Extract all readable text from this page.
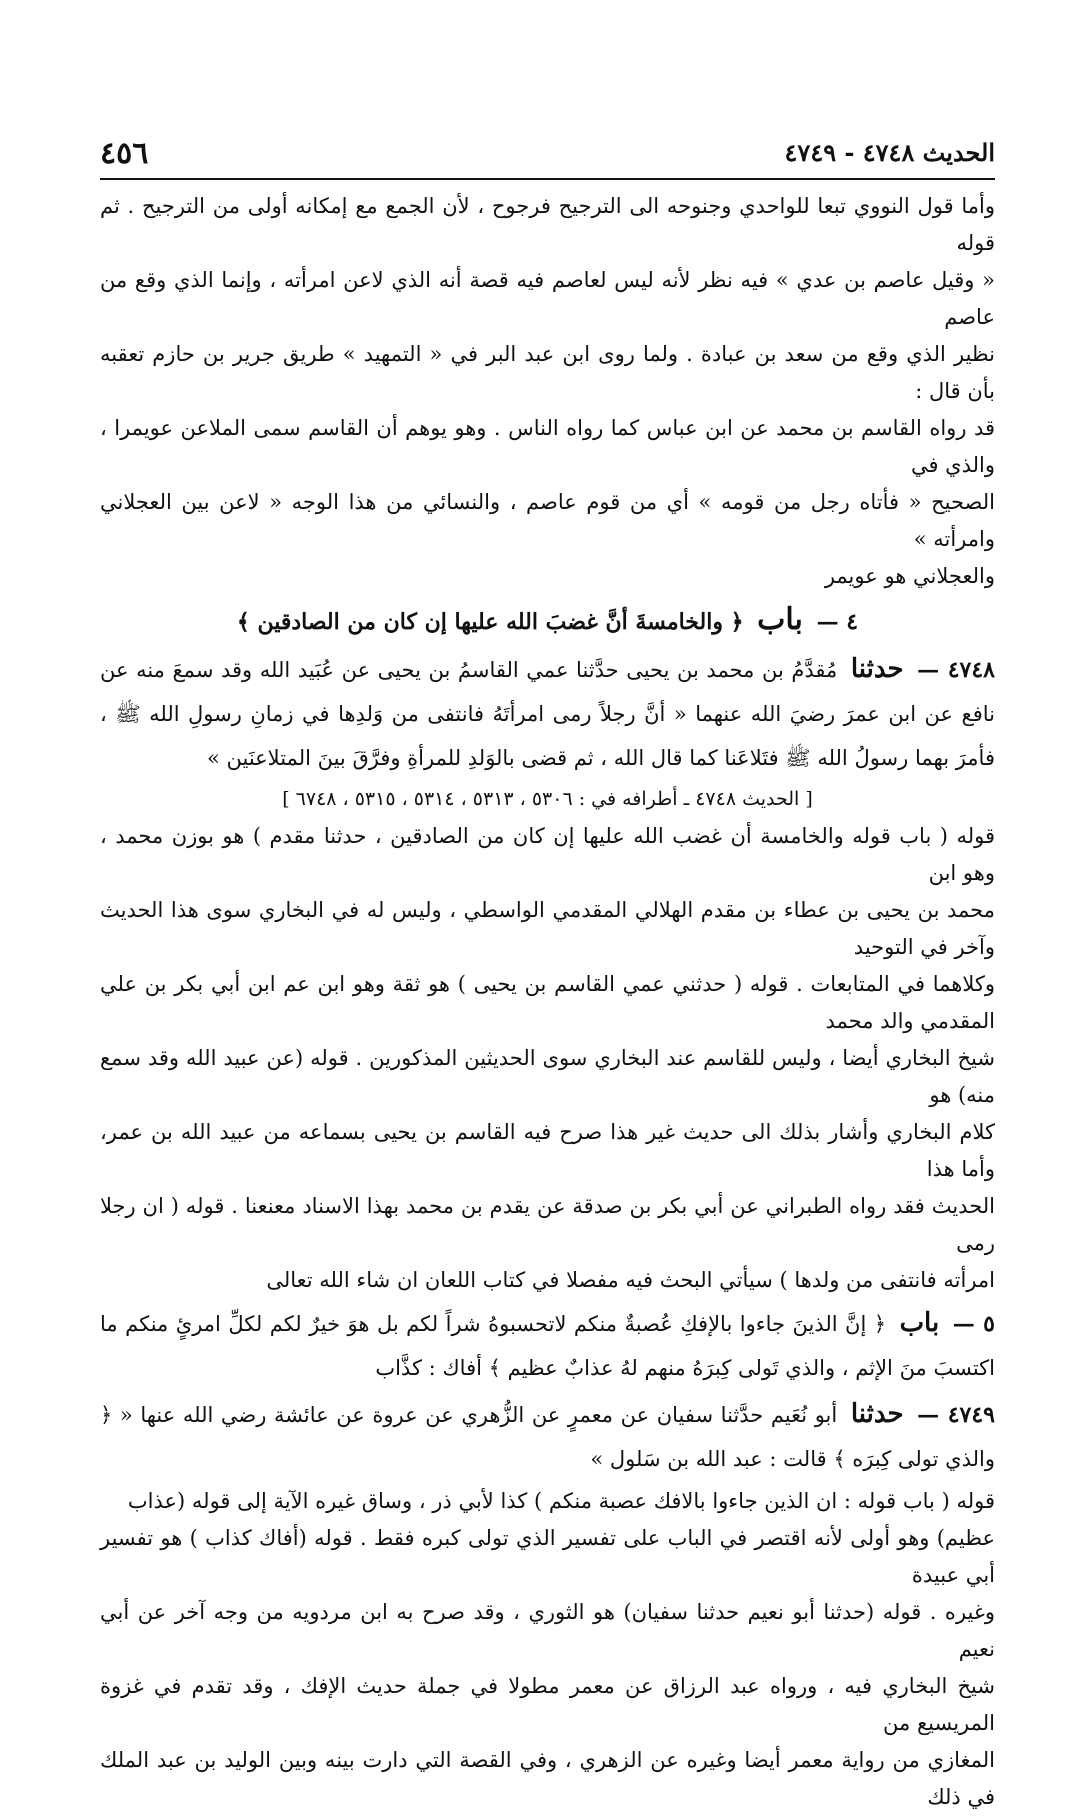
الحديث ٤٧٤٨ - ٤٧٤٩
٤٥٦

وأما قول النووي تبعا للواحدي وجنوحه الى الترجيح فرجوح ، لأن الجمع مع إمكانه أولى من الترجيح . ثم قوله

« وقيل عاصم بن عدي » فيه نظر لأنه ليس لعاصم فيه قصة أنه الذي لاعن امرأته ، وإنما الذي وقع من عاصم

نظير الذي وقع من سعد بن عبادة . ولما روى ابن عبد البر في « التمهيد » طريق جرير بن حازم تعقبه بأن قال :

قد رواه القاسم بن محمد عن ابن عباس كما رواه الناس . وهو يوهم أن القاسم سمى الملاعن عويمرا ، والذي في

الصحيح « فأتاه رجل من قومه » أي من قوم عاصم ، والنسائي من هذا الوجه « لاعن بين العجلاني وامرأته »

والعجلاني هو عويمر

٤ — باب ﴿ والخامسةَ أنَّ غضبَ الله عليها إن كان من الصادقين ﴾
٤٧٤٨ — حدثنا مُقدَّمُ بن محمد بن يحيى حدَّثنا عمي القاسمُ بن يحيى عن عُبَيد الله وقد سمعَ منه عن نافع عن ابن عمرَ رضيَ الله عنهما « أنَّ رجلاً رمى امرأتَهُ فانتفى من وَلدِها في زمانِ رسولِ الله ﷺ ، فأمرَ بهما رسولُ الله ﷺ فتَلاعَنا كما قال الله ، ثم قضى بالوَلدِ للمرأةِ وفرَّقَ بينَ المتلاعنَين »
[ الحديث ٤٧٤٨ ـ أطرافه في : ٥٣٠٦ ، ٥٣١٣ ، ٥٣١٤ ، ٥٣١٥ ، ٦٧٤٨ ]

قوله ( باب قوله والخامسة أن غضب الله عليها إن كان من الصادقين ، حدثنا مقدم ) هو بوزن محمد ، وهو ابن

محمد بن يحيى بن عطاء بن مقدم الهلالي المقدمي الواسطي ، وليس له في البخاري سوى هذا الحديث وآخر في التوحيد

وكلاهما في المتابعات . قوله ( حدثني عمي القاسم بن يحيى ) هو ثقة وهو ابن عم ابن أبي بكر بن علي المقدمي والد محمد

شيخ البخاري أيضا ، وليس للقاسم عند البخاري سوى الحديثين المذكورين . قوله (عن عبيد الله وقد سمع منه) هو

كلام البخاري وأشار بذلك الى حديث غير هذا صرح فيه القاسم بن يحيى بسماعه من عبيد الله بن عمر، وأما هذا

الحديث فقد رواه الطبراني عن أبي بكر بن صدقة عن يقدم بن محمد بهذا الاسناد معنعنا . قوله ( ان رجلا رمى

امرأته فانتفى من ولدها ) سيأتي البحث فيه مفصلا في كتاب اللعان ان شاء الله تعالى

٥ — باب ﴿ إنَّ الذينَ جاءوا بالإفكِ عُصبةٌ منكم لاتحسبوهُ شراً لكم بل هوَ خيرٌ لكم لكلِّ امرئٍ منكم ما اكتسبَ منَ الإثم ، والذي تَولى كِبرَهُ منهم لهُ عذابٌ عظيم ﴾ أفاك : كذَّاب
٤٧٤٩ — حدثنا أبو نُعَيم حدَّثنا سفيان عن معمرٍ عن الزُّهري عن عروة عن عائشة رضي الله عنها « ﴿ والذي تولى كِبرَه ﴾ قالت : عبد الله بن سَلول »

قوله ( باب قوله : ان الذين جاءوا بالافك عصبة منكم ) كذا لأبي ذر ، وساق غيره الآية إلى قوله (عذاب

عظيم) وهو أولى لأنه اقتصر في الباب على تفسير الذي تولى كبره فقط . قوله (أفاك كذاب ) هو تفسير أبي عبيدة

وغيره . قوله (حدثنا أبو نعيم حدثنا سفيان) هو الثوري ، وقد صرح به ابن مردويه من وجه آخر عن أبي نعيم

شيخ البخاري فيه ، ورواه عبد الرزاق عن معمر مطولا في جملة حديث الإفك ، وقد تقدم في غزوة المريسيع من

المغازي من رواية معمر أيضا وغيره عن الزهري ، وفي القصة التي دارت بينه وبين الوليد بن عبد الملك في ذلك
